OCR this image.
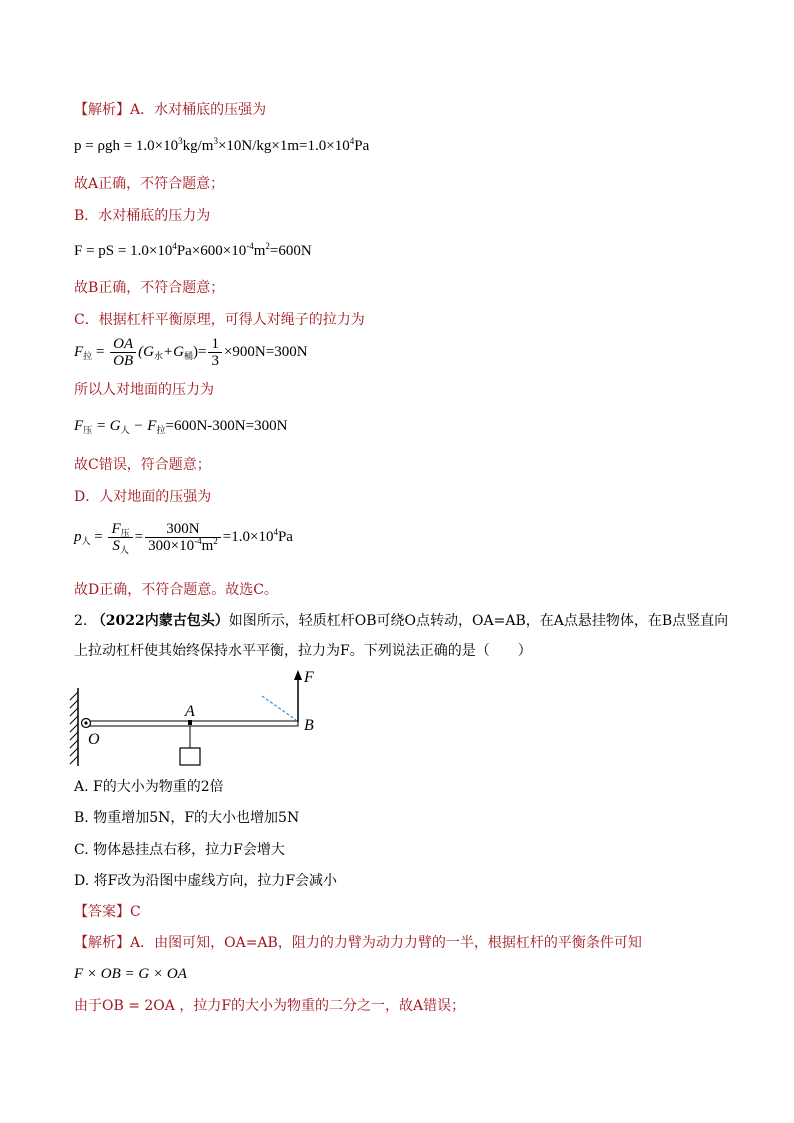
【解析】A．水对桶底的压强为
$p = \rho gh = 1.0\times 10^3kg/m^3\times 10N/kg\times 1m=1.0\times 10^4Pa$
故A正确，不符合题意；
B．水对桶底的压力为
F = pS = $1.0\times 10^4Pa\times 600\times 10^{-4}m^2=600N$
故B正确，不符合题意；
C．根据杠杆平衡原理，可得人对绳子的拉力为
$F_拉 = \frac{OA}{OB} (G_水+G_桶)= \frac{1}{3} \times 900N=300N$
所以人对地面的压力为
$F_压 = G_人 - F_拉=600N-300N=300N$
故C错误，符合题意；
D．人对地面的压强为
$p_人 = \frac{F_压}{S_人} = \frac{300N}{300\times 10^{-4}m^2} =1.0\times 10^4Pa$
故D正确，不符合题意。故选C。
2. （2022内蒙古包头）如图所示，轻质杠杆OB可绕O点转动，OA=AB，在A点悬挂物体，在B点竖直向
上拉动杠杆使其始终保持水平平衡，拉力为F。下列说法正确的是（　　）
O
A
B
F
A. F的大小为物重的2倍
B. 物重增加5N，F的大小也增加5N
C. 物体悬挂点右移，拉力F会增大
D. 将F改为沿图中虚线方向，拉力F会减小
【答案】C
【解析】A．由图可知，OA=AB，阻力的力臂为动力力臂的一半，根据杠杆的平衡条件可知
F × OB = G × OA
由于OB = 2OA ，拉力F的大小为物重的二分之一，故A错误；
